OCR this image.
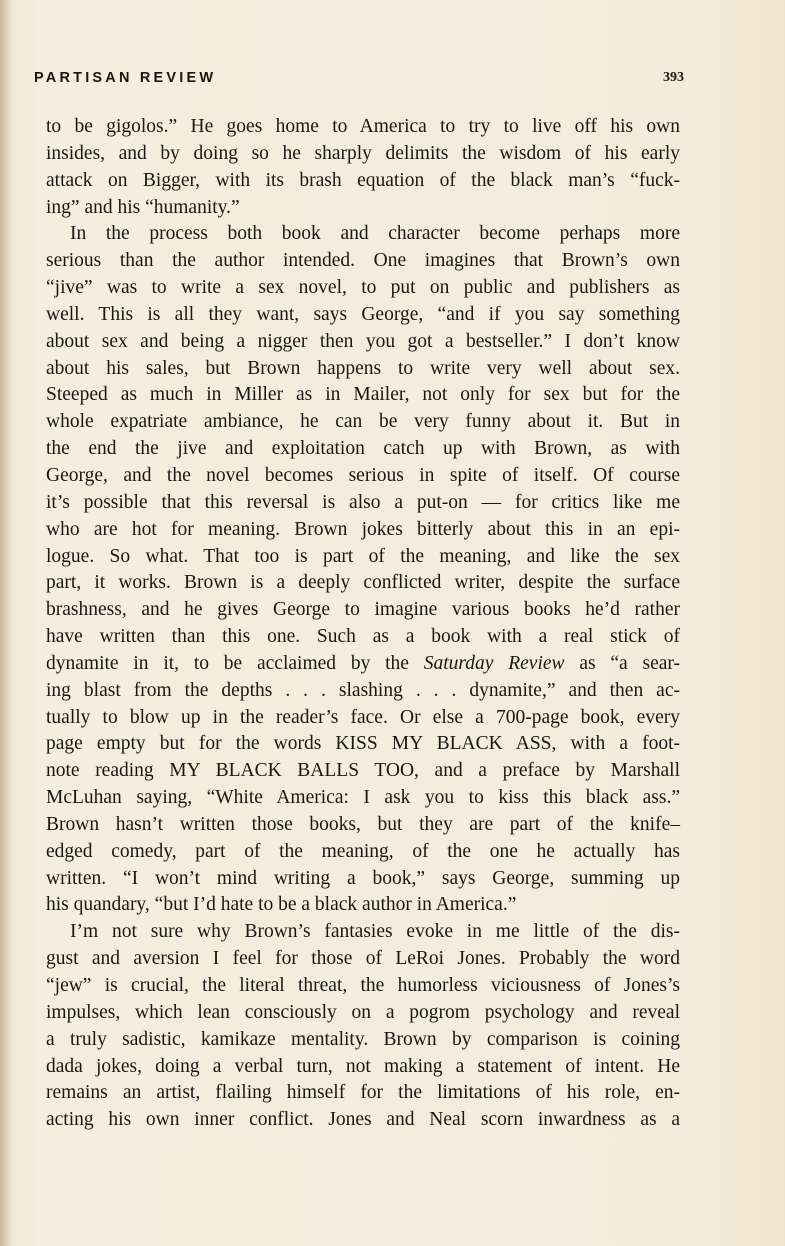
PARTISAN REVIEW	393
to be gigolos.” He goes home to America to try to live off his own
insides, and by doing so he sharply delimits the wisdom of his early
attack on Bigger, with its brash equation of the black man’s “fuck-
ing” and his “humanity.”
In the process both book and character become perhaps more
serious than the author intended. One imagines that Brown’s own
“jive” was to write a sex novel, to put on public and publishers as
well. This is all they want, says George, “and if you say something
about sex and being a nigger then you got a bestseller.” I don’t know
about his sales, but Brown happens to write very well about sex.
Steeped as much in Miller as in Mailer, not only for sex but for the
whole expatriate ambiance, he can be very funny about it. But in
the end the jive and exploitation catch up with Brown, as with
George, and the novel becomes serious in spite of itself. Of course
it’s possible that this reversal is also a put-on — for critics like me
who are hot for meaning. Brown jokes bitterly about this in an epi-
logue. So what. That too is part of the meaning, and like the sex
part, it works. Brown is a deeply conflicted writer, despite the surface
brashness, and he gives George to imagine various books he’d rather
have written than this one. Such as a book with a real stick of
dynamite in it, to be acclaimed by the Saturday Review as “a sear-
ing blast from the depths . . . slashing . . . dynamite,” and then ac-
tually to blow up in the reader’s face. Or else a 700-page book, every
page empty but for the words KISS MY BLACK ASS, with a foot-
note reading MY BLACK BALLS TOO, and a preface by Marshall
McLuhan saying, “White America: I ask you to kiss this black ass.”
Brown hasn’t written those books, but they are part of the knife–
edged comedy, part of the meaning, of the one he actually has
written. “I won’t mind writing a book,” says George, summing up
his quandary, “but I’d hate to be a black author in America.”
I’m not sure why Brown’s fantasies evoke in me little of the dis-
gust and aversion I feel for those of LeRoi Jones. Probably the word
“jew” is crucial, the literal threat, the humorless viciousness of Jones’s
impulses, which lean consciously on a pogrom psychology and reveal
a truly sadistic, kamikaze mentality. Brown by comparison is coining
dada jokes, doing a verbal turn, not making a statement of intent. He
remains an artist, flailing himself for the limitations of his role, en-
acting his own inner conflict. Jones and Neal scorn inwardness as a
